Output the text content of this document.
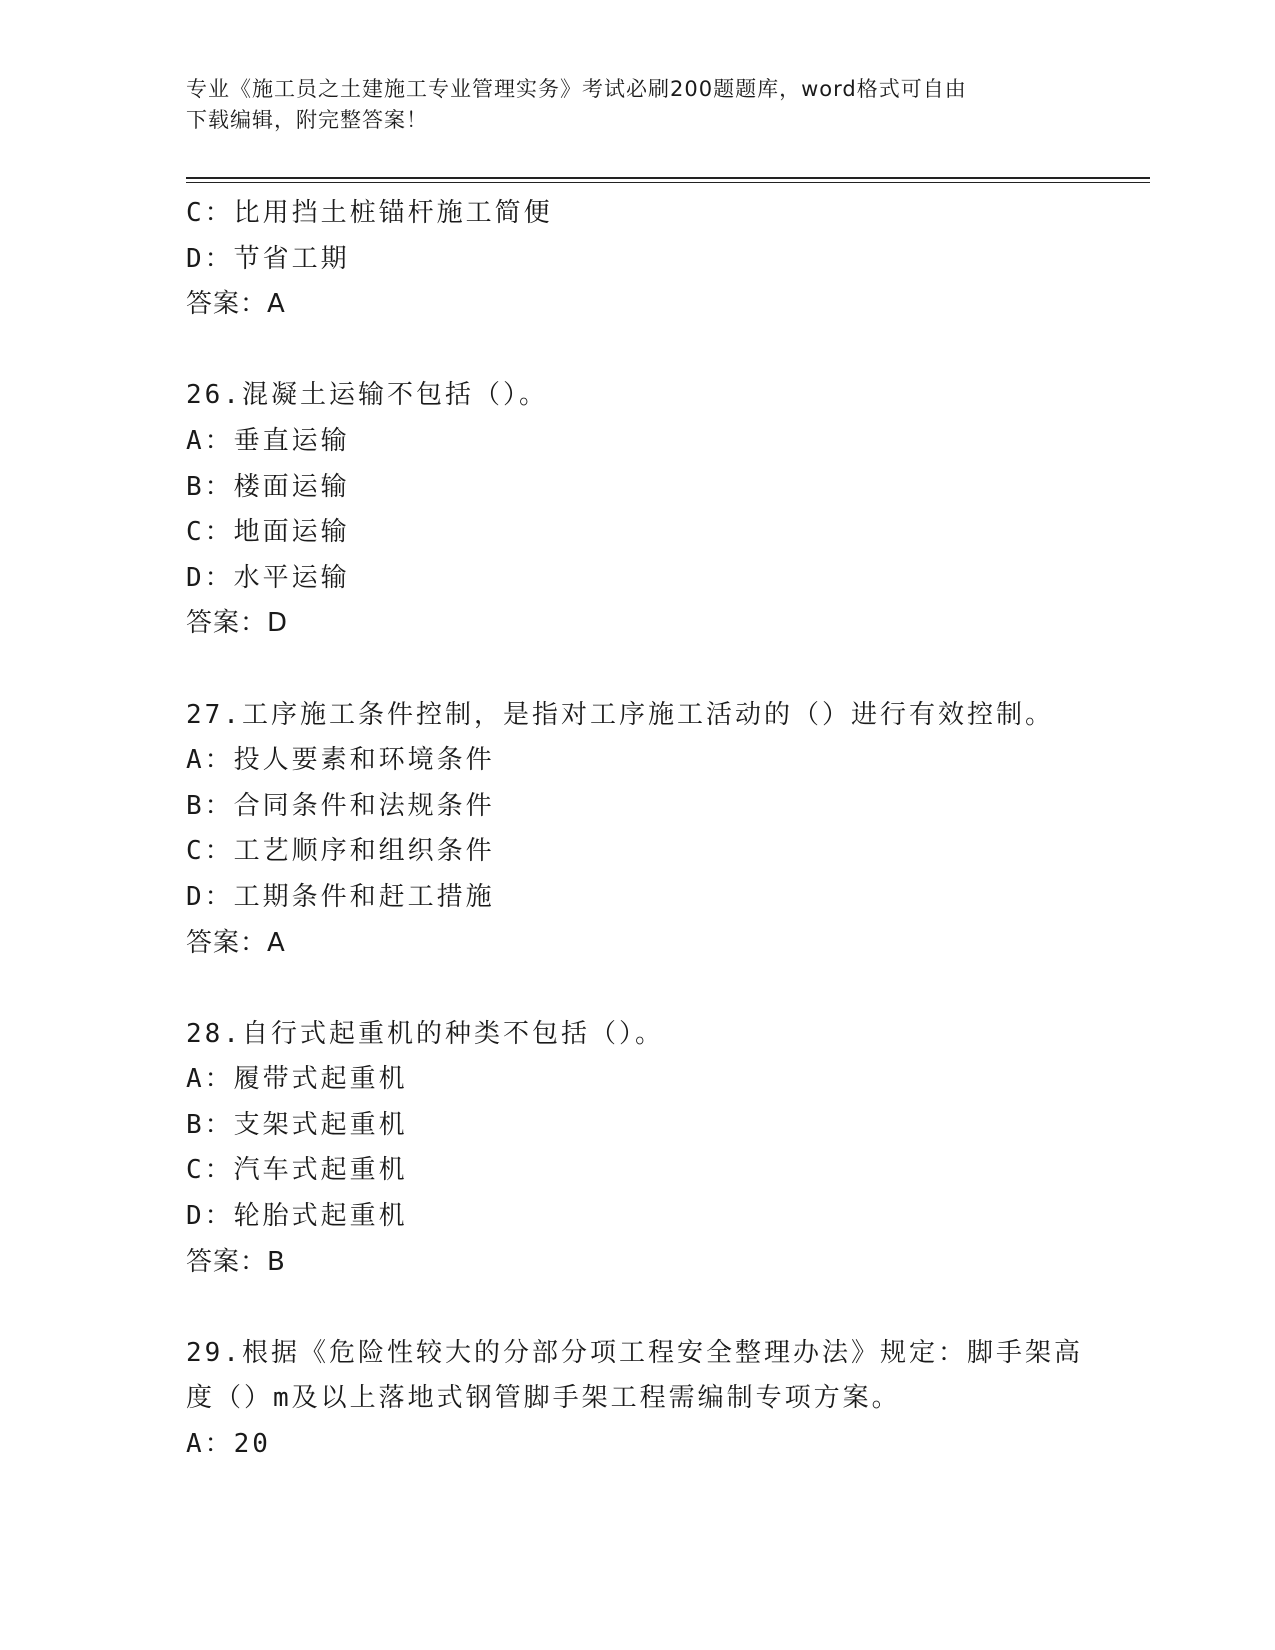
专业《施工员之土建施工专业管理实务》考试必刷200题题库，word格式可自由
下载编辑，附完整答案！
C：比用挡土桩锚杆施工简便
D：节省工期
答案：A
26.混凝土运输不包括（）。
A：垂直运输
B：楼面运输
C：地面运输
D：水平运输
答案：D
27.工序施工条件控制，是指对工序施工活动的（）进行有效控制。
A：投人要素和环境条件
B：合同条件和法规条件
C：工艺顺序和组织条件
D：工期条件和赶工措施
答案：A
28.自行式起重机的种类不包括（）。
A：履带式起重机
B：支架式起重机
C：汽车式起重机
D：轮胎式起重机
答案：B
29.根据《危险性较大的分部分项工程安全整理办法》规定：脚手架高
度（）m及以上落地式钢管脚手架工程需编制专项方案。
A：20
